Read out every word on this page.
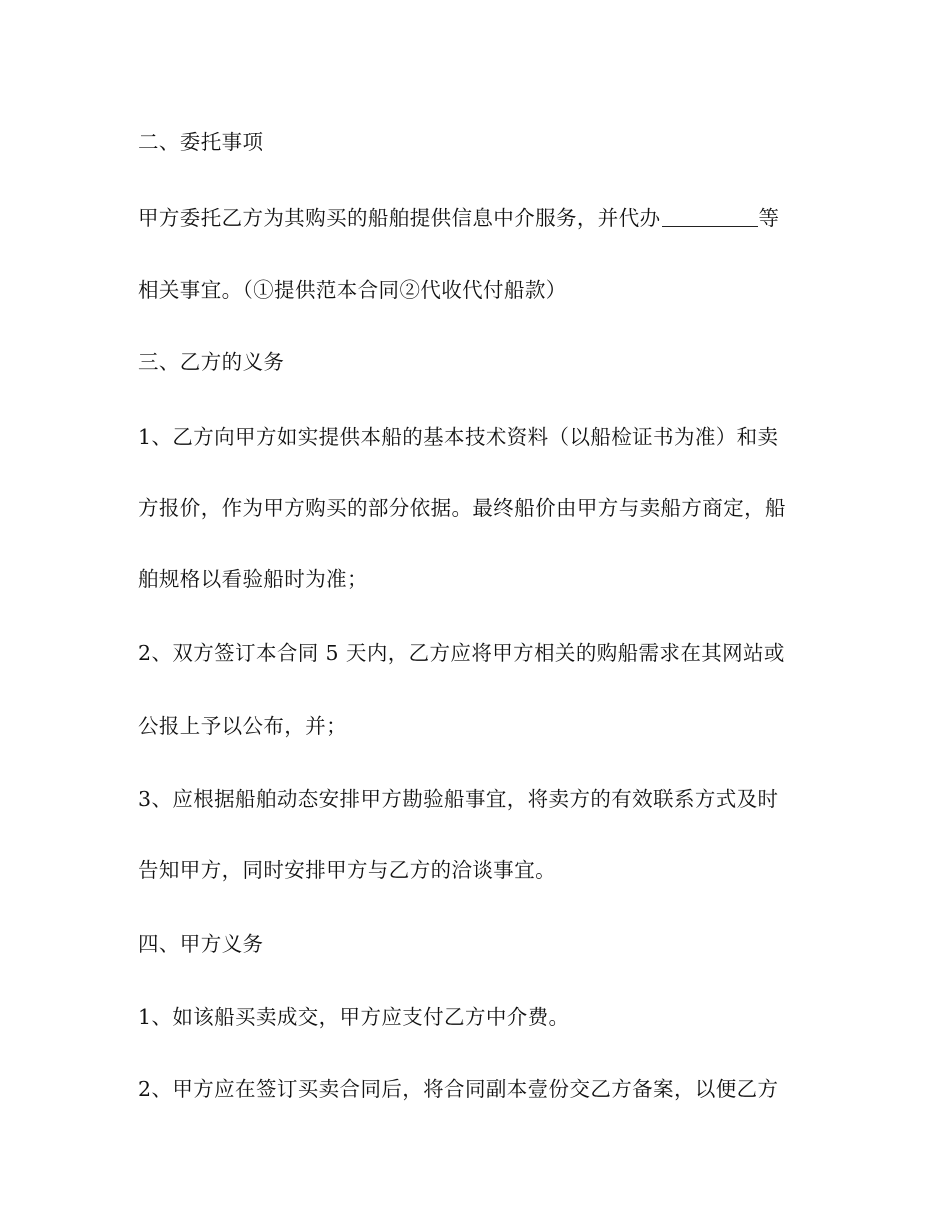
二、委托事项
甲方委托乙方为其购买的船舶提供信息中介服务，并代办	等
相关事宜。（①提供范本合同②代收代付船款）
三、乙方的义务
1、乙方向甲方如实提供本船的基本技术资料（以船检证书为准）和卖
方报价，作为甲方购买的部分依据。最终船价由甲方与卖船方商定，船
舶规格以看验船时为准；
2、双方签订本合同 5 天内，乙方应将甲方相关的购船需求在其网站或
公报上予以公布，并；
3、应根据船舶动态安排甲方勘验船事宜，将卖方的有效联系方式及时
告知甲方，同时安排甲方与乙方的洽谈事宜。
四、甲方义务
1、如该船买卖成交，甲方应支付乙方中介费。
2、甲方应在签订买卖合同后，将合同副本壹份交乙方备案，以便乙方
